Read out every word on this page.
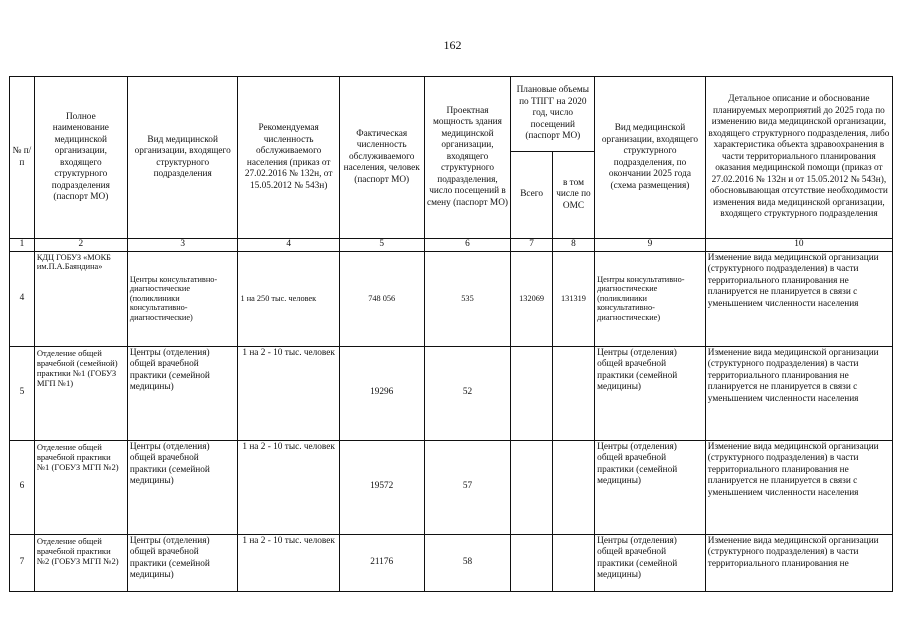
162
№ п/ п	Полное наименование медицинской организации, входящего структурного подразделения (паспорт МО)	Вид медицинской организации, входящего структурного подразделения	Рекомендуемая численность обслуживаемого населения (приказ от 27.02.2016 № 132н, от 15.05.2012 № 543н)	Фактическая численность обслуживаемого населения, человек (паспорт МО)	Проектная мощность здания медицинской организации, входящего структурного подразделения, число посещений в смену (паспорт МО)	Плановые объемы по ТПГГ на 2020 год, число посещений (паспорт МО)		Вид медицинской организации, входящего структурного подразделения, по окончании 2025 года (схема размещения)	Детальное описание и обоснование планируемых мероприятий до 2025 года по изменению вида медицинской организации, входящего структурного подразделения, либо характеристика объекта здравоохранения в части территориального планирования оказания медицинской помощи (приказ от 27.02.2016 № 132н и от 15.05.2012 № 543н), обосновывающая отсутствие необходимости изменения вида медицинской организации, входящего структурного подразделения
						Всего	в том числе по ОМС		
1	2	3	4	5	6	7	8	9	10
4	КДЦ ГОБУЗ «МОКБ им.П.А.Баяндина»	Центры консультативно-диагностические (поликлиники консультативно-диагностические)	1 на 250 тыс. человек	748 056	535	132069	131319	Центры консультативно-диагностические (поликлиники консультативно-диагностические)	Изменение вида медицинской организации (структурного подразделения) в части территориального планирования не планируется не планируется в связи с уменьшением численности населения
5	Отделение общей врачебной (семейной) практики №1 (ГОБУЗ МГП №1)	Центры (отделения) общей врачебной практики (семейной медицины)	1 на 2 - 10 тыс. человек	19296	52			Центры (отделения) общей врачебной практики (семейной медицины)	Изменение вида медицинской организации (структурного подразделения) в части территориального планирования не планируется не планируется в связи с уменьшением численности населения
6	Отделение общей врачебной практики №1 (ГОБУЗ МГП №2)	Центры (отделения) общей врачебной практики (семейной медицины)	1 на 2 - 10 тыс. человек	19572	57			Центры (отделения) общей врачебной практики (семейной медицины)	Изменение вида медицинской организации (структурного подразделения) в части территориального планирования не планируется не планируется в связи с уменьшением численности населения
7	Отделение общей врачебной практики №2 (ГОБУЗ МГП №2)	Центры (отделения) общей врачебной практики (семейной медицины)	1 на 2 - 10 тыс. человек	21176	58			Центры (отделения) общей врачебной практики (семейной медицины)	Изменение вида медицинской организации (структурного подразделения) в части территориального планирования не
